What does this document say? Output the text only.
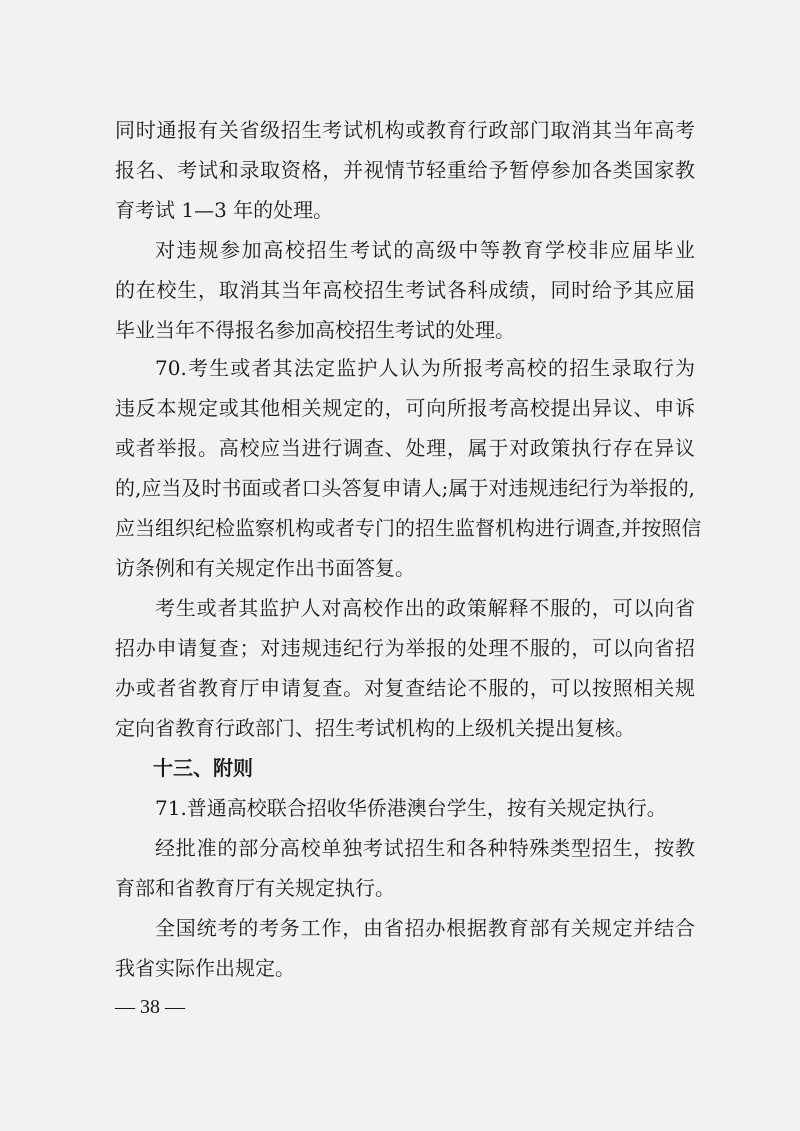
同时通报有关省级招生考试机构或教育行政部门取消其当年高考
报名、考试和录取资格，并视情节轻重给予暂停参加各类国家教
育考试 1—3 年的处理。
对违规参加高校招生考试的高级中等教育学校非应届毕业
的在校生，取消其当年高校招生考试各科成绩，同时给予其应届
毕业当年不得报名参加高校招生考试的处理。
70.考生或者其法定监护人认为所报考高校的招生录取行为
违反本规定或其他相关规定的，可向所报考高校提出异议、申诉
或者举报。高校应当进行调查、处理，属于对政策执行存在异议
的,应当及时书面或者口头答复申请人;属于对违规违纪行为举报的,
应当组织纪检监察机构或者专门的招生监督机构进行调查,并按照信
访条例和有关规定作出书面答复。
考生或者其监护人对高校作出的政策解释不服的，可以向省
招办申请复查；对违规违纪行为举报的处理不服的，可以向省招
办或者省教育厅申请复查。对复查结论不服的，可以按照相关规
定向省教育行政部门、招生考试机构的上级机关提出复核。
十三、附则
71.普通高校联合招收华侨港澳台学生，按有关规定执行。
经批准的部分高校单独考试招生和各种特殊类型招生，按教
育部和省教育厅有关规定执行。
全国统考的考务工作，由省招办根据教育部有关规定并结合
我省实际作出规定。
— 38 —
